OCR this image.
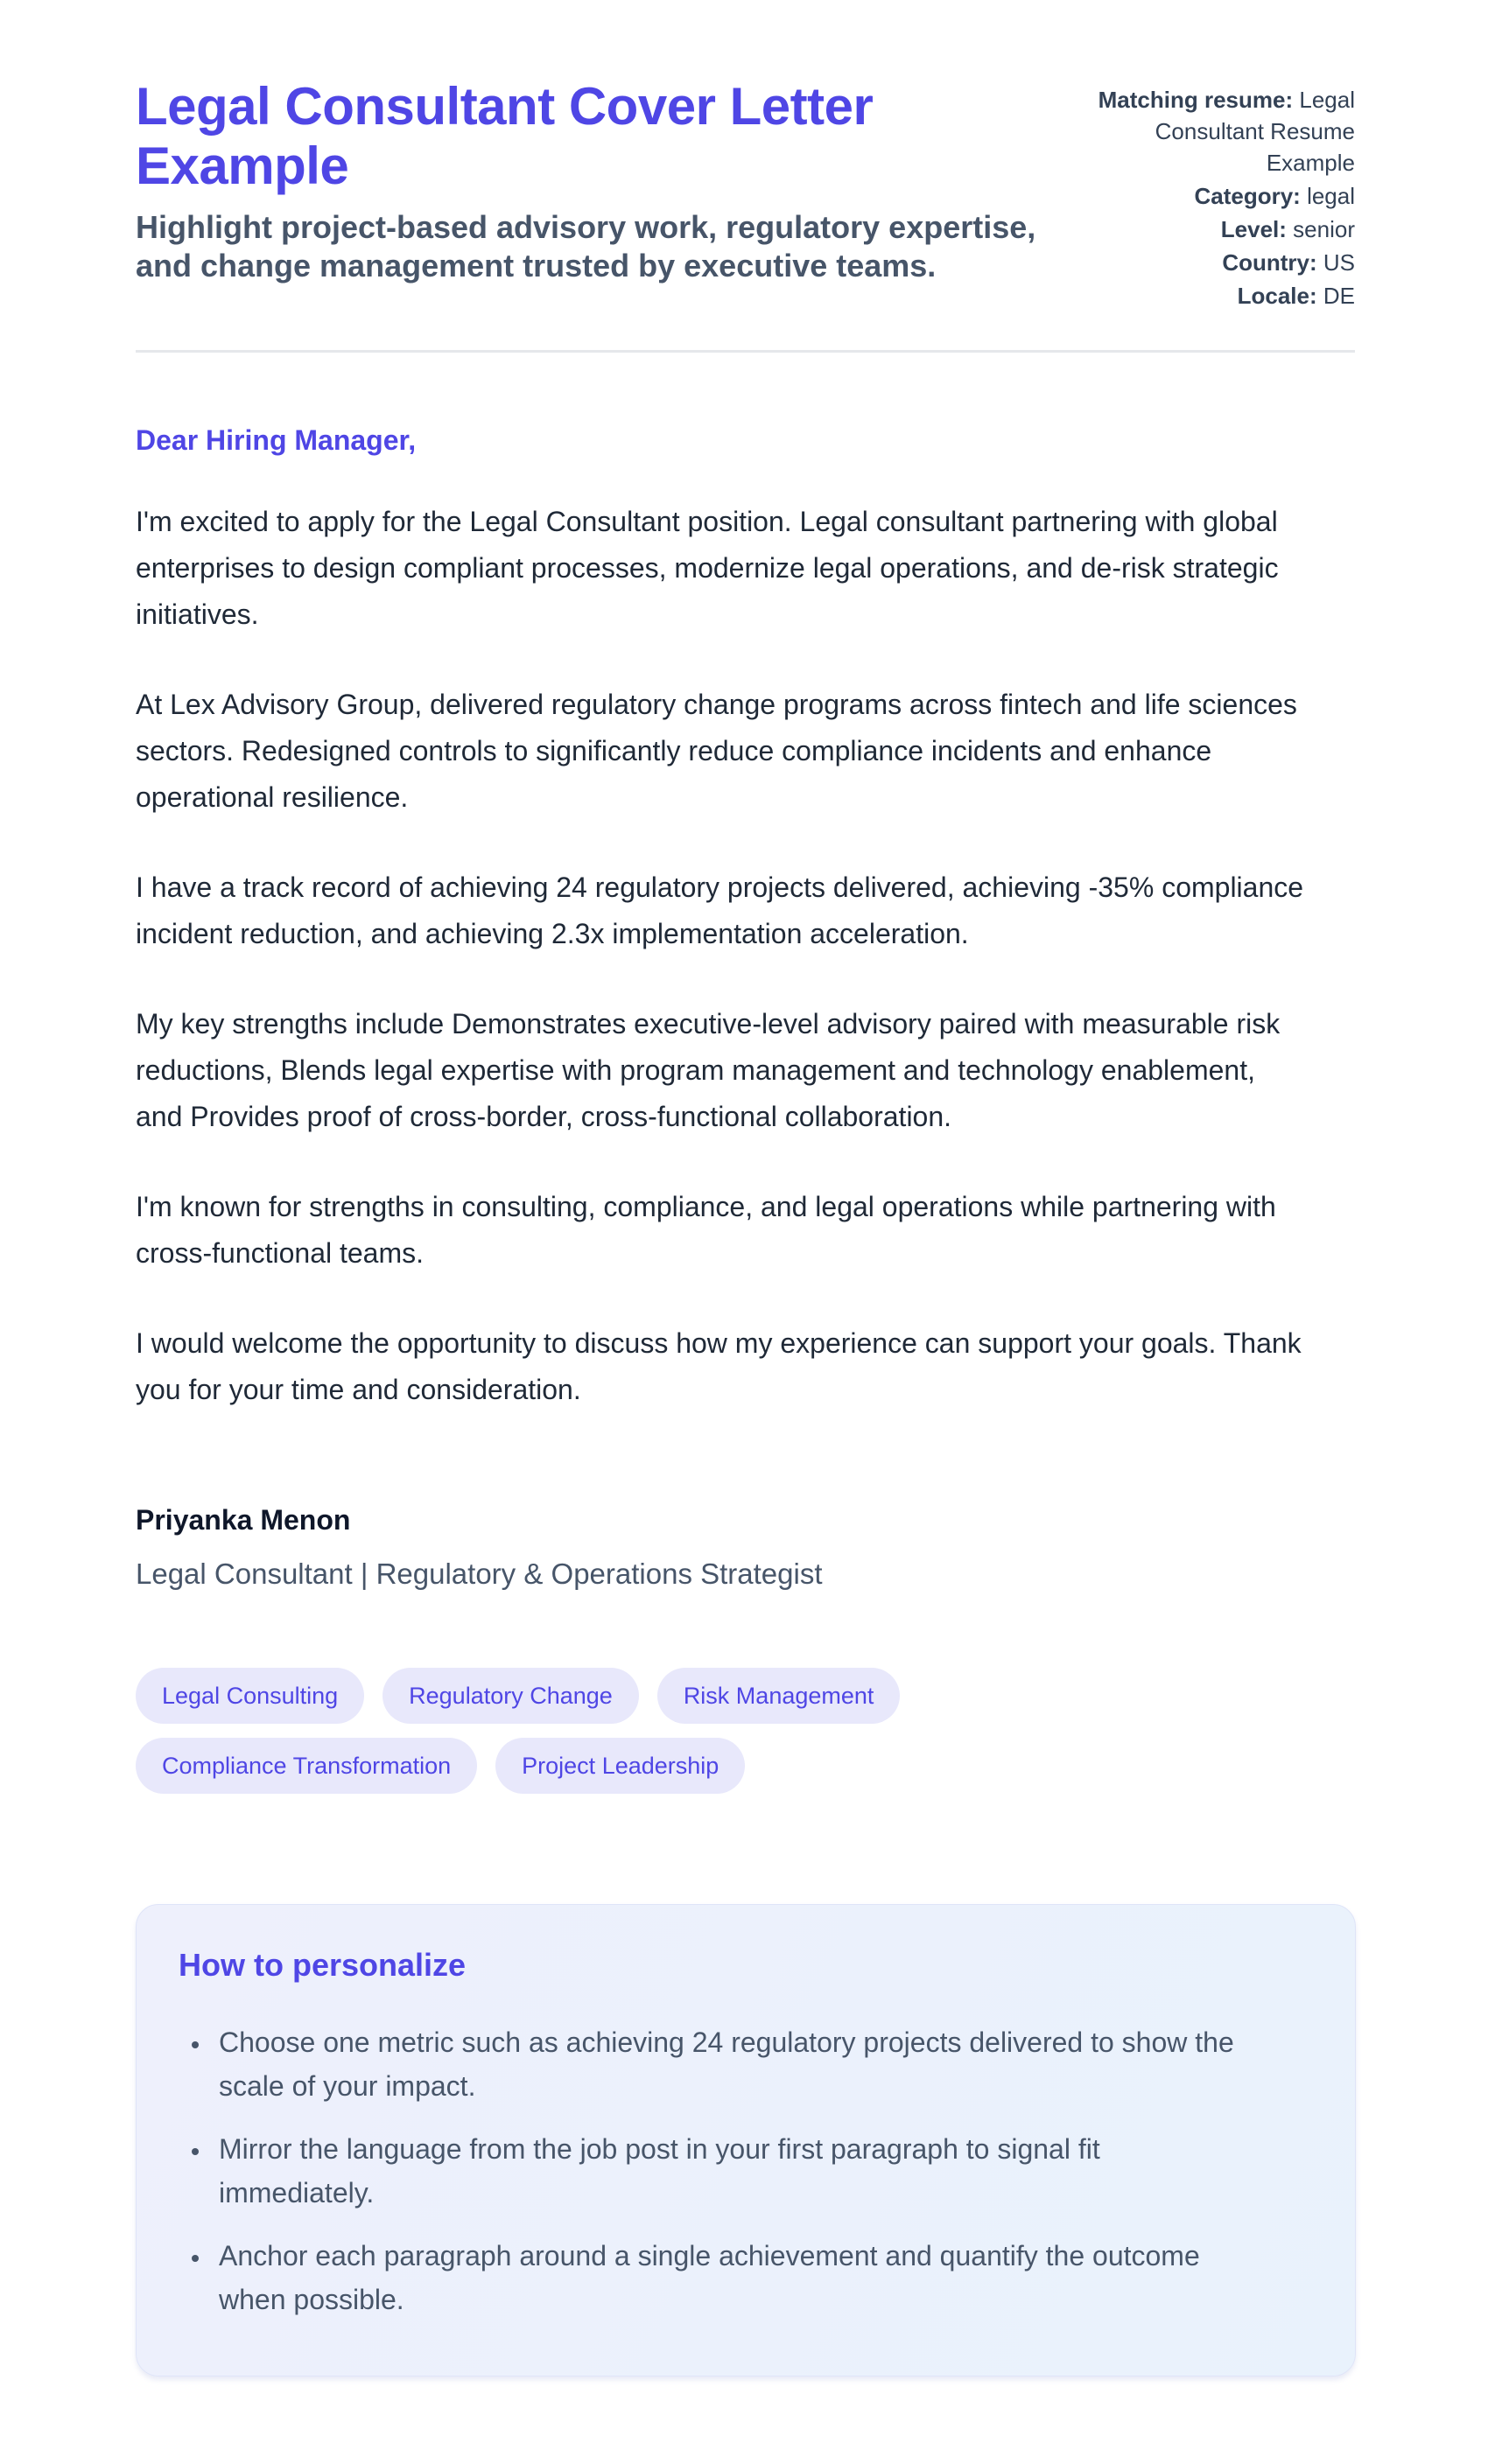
Legal Consultant Cover Letter Example

Highlight project-based advisory work, regulatory expertise, and change management trusted by executive teams.

Matching resume: Legal Consultant Resume Example
Category: legal
Level: senior
Country: US
Locale: DE

Dear Hiring Manager,

I'm excited to apply for the Legal Consultant position. Legal consultant partnering with global enterprises to design compliant processes, modernize legal operations, and de-risk strategic initiatives.

At Lex Advisory Group, delivered regulatory change programs across fintech and life sciences sectors. Redesigned controls to significantly reduce compliance incidents and enhance operational resilience.

I have a track record of achieving 24 regulatory projects delivered, achieving -35% compliance incident reduction, and achieving 2.3x implementation acceleration.

My key strengths include Demonstrates executive-level advisory paired with measurable risk reductions, Blends legal expertise with program management and technology enablement, and Provides proof of cross-border, cross-functional collaboration.

I'm known for strengths in consulting, compliance, and legal operations while partnering with cross-functional teams.

I would welcome the opportunity to discuss how my experience can support your goals. Thank you for your time and consideration.

Priyanka Menon

Legal Consultant | Regulatory & Operations Strategist

Legal Consulting	Regulatory Change	Risk Management
Compliance Transformation	Project Leadership
How to personalize
• Choose one metric such as achieving 24 regulatory projects delivered to show the scale of your impact.
• Mirror the language from the job post in your first paragraph to signal fit immediately.
• Anchor each paragraph around a single achievement and quantify the outcome when possible.
